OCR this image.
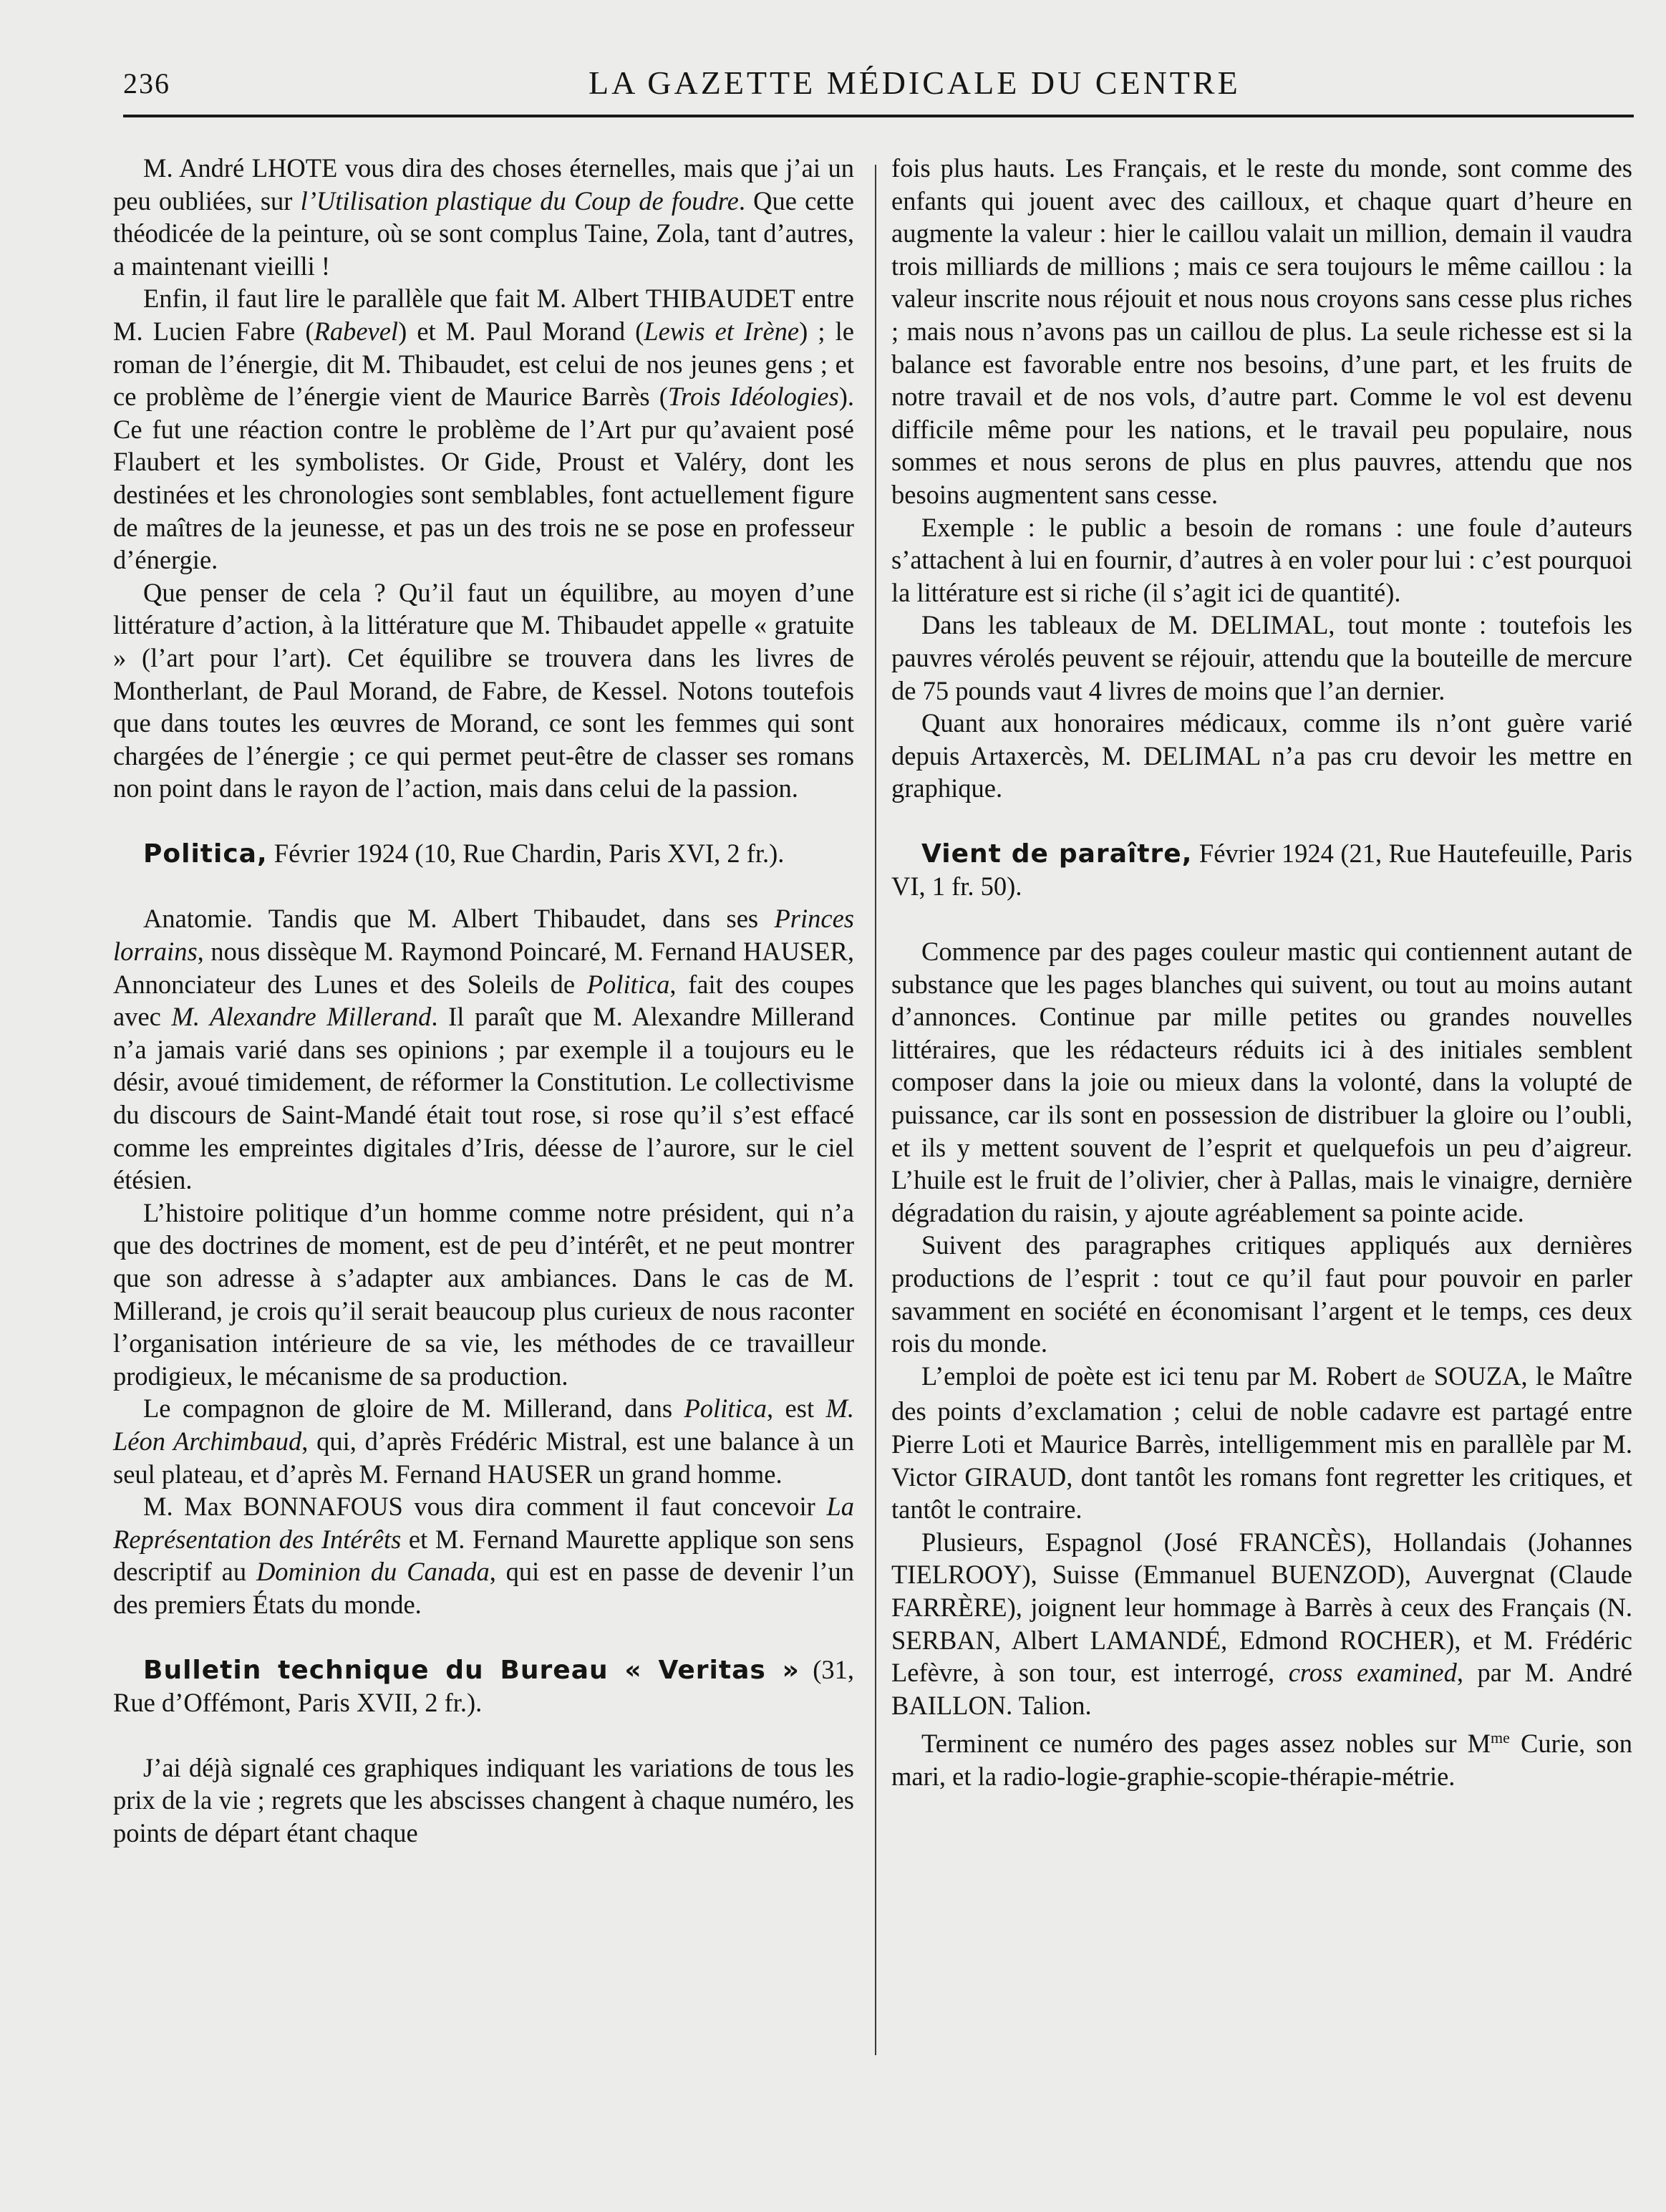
236	LA GAZETTE MÉDICALE DU CENTRE

M. André LHOTE vous dira des choses éternelles, mais que j’ai un peu oubliées, sur l’Utilisation plastique du Coup de foudre. Que cette théodicée de la peinture, où se sont complus Taine, Zola, tant d’autres, a maintenant vieilli !

Enfin, il faut lire le parallèle que fait M. Albert THIBAUDET entre M. Lucien Fabre (Rabevel) et M. Paul Morand (Lewis et Irène) ; le roman de l’énergie, dit M. Thibaudet, est celui de nos jeunes gens ; et ce problème de l’énergie vient de Maurice Barrès (Trois Idéologies). Ce fut une réaction contre le problème de l’Art pur qu’avaient posé Flaubert et les symbolistes. Or Gide, Proust et Valéry, dont les destinées et les chronologies sont semblables, font actuellement figure de maîtres de la jeunesse, et pas un des trois ne se pose en professeur d’énergie.

Que penser de cela ? Qu’il faut un équilibre, au moyen d’une littérature d’action, à la littérature que M. Thibaudet appelle « gratuite » (l’art pour l’art). Cet équilibre se trouvera dans les livres de Montherlant, de Paul Morand, de Fabre, de Kessel. Notons toutefois que dans toutes les œuvres de Morand, ce sont les femmes qui sont chargées de l’énergie ; ce qui permet peut-être de classer ses romans non point dans le rayon de l’action, mais dans celui de la passion.

Politica, Février 1924 (10, Rue Chardin, Paris XVI, 2 fr.).

Anatomie. Tandis que M. Albert Thibaudet, dans ses Princes lorrains, nous dissèque M. Raymond Poincaré, M. Fernand HAUSER, Annonciateur des Lunes et des Soleils de Politica, fait des coupes avec M. Alexandre Millerand. Il paraît que M. Alexandre Millerand n’a jamais varié dans ses opinions ; par exemple il a toujours eu le désir, avoué timidement, de réformer la Constitution. Le collectivisme du discours de Saint-Mandé était tout rose, si rose qu’il s’est effacé comme les empreintes digitales d’Iris, déesse de l’aurore, sur le ciel étésien.

L’histoire politique d’un homme comme notre président, qui n’a que des doctrines de moment, est de peu d’intérêt, et ne peut montrer que son adresse à s’adapter aux ambiances. Dans le cas de M. Millerand, je crois qu’il serait beaucoup plus curieux de nous raconter l’organisation intérieure de sa vie, les méthodes de ce travailleur prodigieux, le mécanisme de sa production.

Le compagnon de gloire de M. Millerand, dans Politica, est M. Léon Archimbaud, qui, d’après Frédéric Mistral, est une balance à un seul plateau, et d’après M. Fernand HAUSER un grand homme.

M. Max BONNAFOUS vous dira comment il faut concevoir La Représentation des Intérêts et M. Fernand Maurette applique son sens descriptif au Dominion du Canada, qui est en passe de devenir l’un des premiers États du monde.

Bulletin technique du Bureau « Veritas » (31, Rue d’Offémont, Paris XVII, 2 fr.).

J’ai déjà signalé ces graphiques indiquant les variations de tous les prix de la vie ; regrets que les abscisses changent à chaque numéro, les points de départ étant chaque

fois plus hauts. Les Français, et le reste du monde, sont comme des enfants qui jouent avec des cailloux, et chaque quart d’heure en augmente la valeur : hier le caillou valait un million, demain il vaudra trois milliards de millions ; mais ce sera toujours le même caillou : la valeur inscrite nous réjouit et nous nous croyons sans cesse plus riches ; mais nous n’avons pas un caillou de plus. La seule richesse est si la balance est favorable entre nos besoins, d’une part, et les fruits de notre travail et de nos vols, d’autre part. Comme le vol est devenu difficile même pour les nations, et le travail peu populaire, nous sommes et nous serons de plus en plus pauvres, attendu que nos besoins augmentent sans cesse.

Exemple : le public a besoin de romans : une foule d’auteurs s’attachent à lui en fournir, d’autres à en voler pour lui : c’est pourquoi la littérature est si riche (il s’agit ici de quantité).

Dans les tableaux de M. DELIMAL, tout monte : toutefois les pauvres vérolés peuvent se réjouir, attendu que la bouteille de mercure de 75 pounds vaut 4 livres de moins que l’an dernier.

Quant aux honoraires médicaux, comme ils n’ont guère varié depuis Artaxercès, M. DELIMAL n’a pas cru devoir les mettre en graphique.

Vient de paraître, Février 1924 (21, Rue Hautefeuille, Paris VI, 1 fr. 50).

Commence par des pages couleur mastic qui contiennent autant de substance que les pages blanches qui suivent, ou tout au moins autant d’annonces. Continue par mille petites ou grandes nouvelles littéraires, que les rédacteurs réduits ici à des initiales semblent composer dans la joie ou mieux dans la volonté, dans la volupté de puissance, car ils sont en possession de distribuer la gloire ou l’oubli, et ils y mettent souvent de l’esprit et quelquefois un peu d’aigreur. L’huile est le fruit de l’olivier, cher à Pallas, mais le vinaigre, dernière dégradation du raisin, y ajoute agréablement sa pointe acide.

Suivent des paragraphes critiques appliqués aux dernières productions de l’esprit : tout ce qu’il faut pour pouvoir en parler savamment en société en économisant l’argent et le temps, ces deux rois du monde.

L’emploi de poète est ici tenu par M. Robert de SOUZA, le Maître des points d’exclamation ; celui de noble cadavre est partagé entre Pierre Loti et Maurice Barrès, intelligemment mis en parallèle par M. Victor GIRAUD, dont tantôt les romans font regretter les critiques, et tantôt le contraire.

Plusieurs, Espagnol (José FRANCÈS), Hollandais (Johannes TIELROOY), Suisse (Emmanuel BUENZOD), Auvergnat (Claude FARRÈRE), joignent leur hommage à Barrès à ceux des Français (N. SERBAN, Albert LAMANDÉ, Edmond ROCHER), et M. Frédéric Lefèvre, à son tour, est interrogé, cross examined, par M. André BAILLON. Talion.

Terminent ce numéro des pages assez nobles sur $M^{me}$ Curie, son mari, et la radio-logie-graphie-scopie-thérapie-métrie.
